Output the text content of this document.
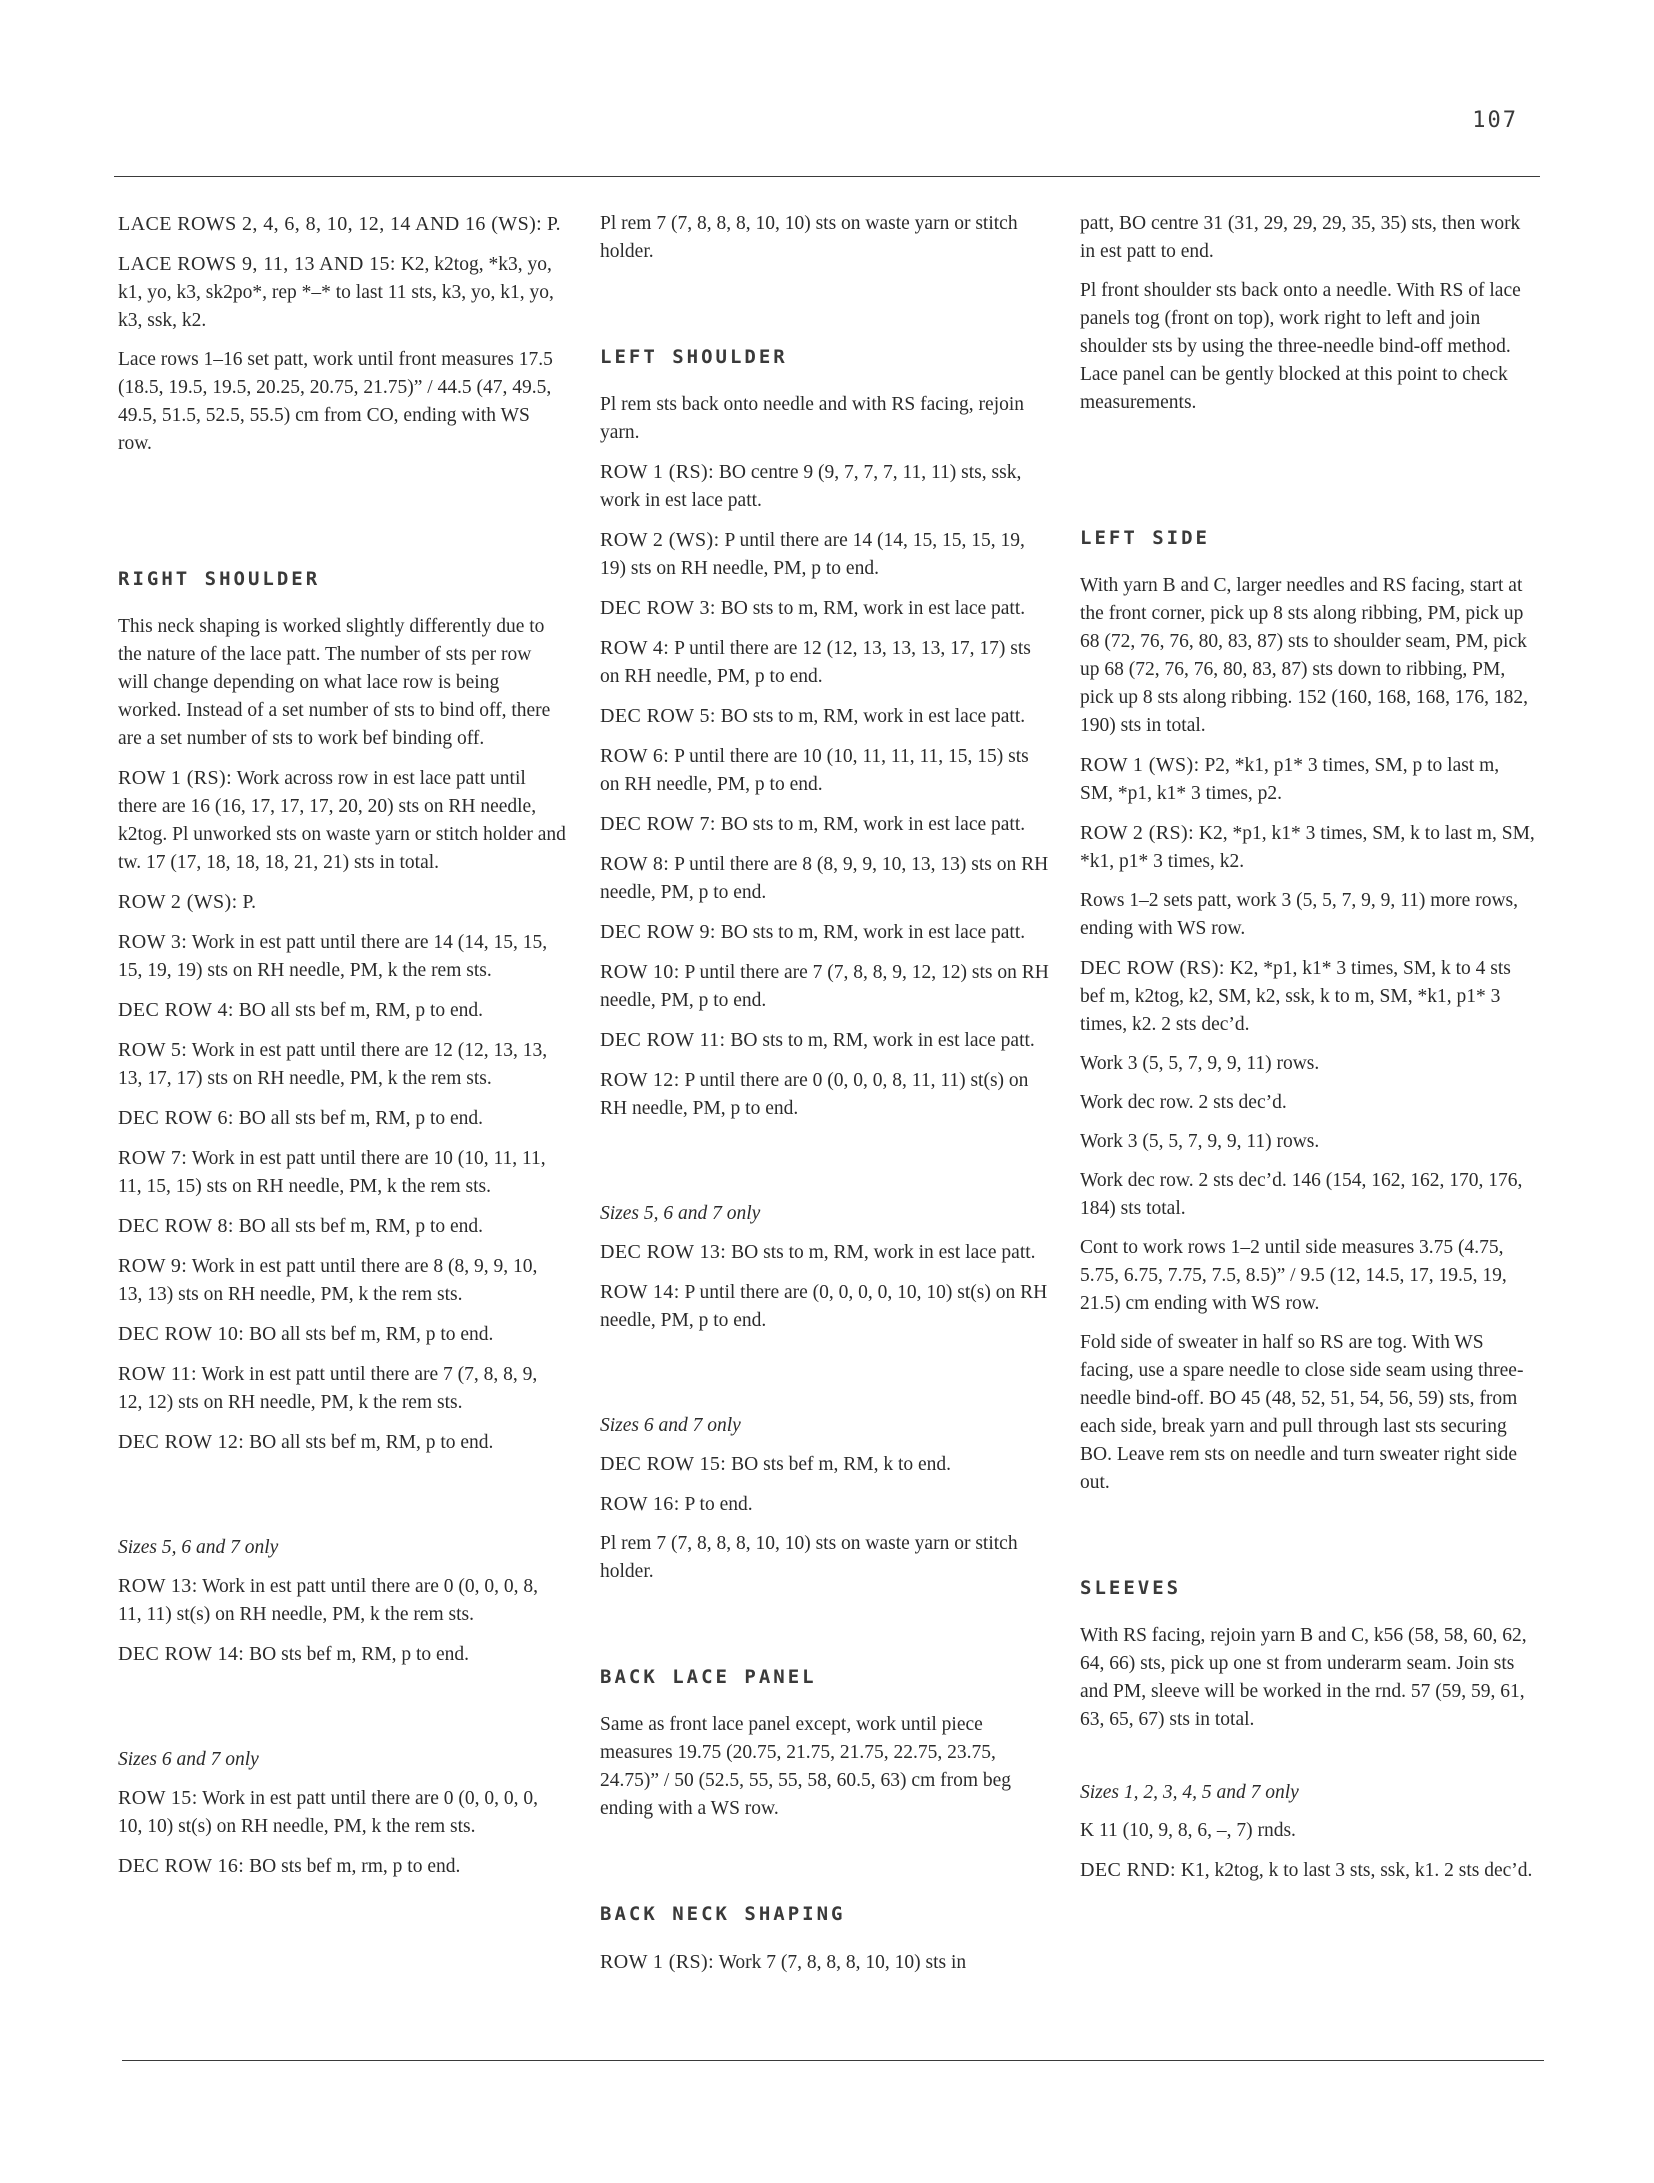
107

LACE ROWS 2, 4, 6, 8, 10, 12, 14 AND 16 (WS): P.

LACE ROWS 9, 11, 13 AND 15: K2, k2tog, *k3, yo, k1, yo, k3, sk2po*, rep *–* to last 11 sts, k3, yo, k1, yo, k3, ssk, k2.

Lace rows 1–16 set patt, work until front measures 17.5 (18.5, 19.5, 19.5, 20.25, 20.75, 21.75)” / 44.5 (47, 49.5, 49.5, 51.5, 52.5, 55.5) cm from CO, ending with WS row.

RIGHT SHOULDER

This neck shaping is worked slightly differently due to the nature of the lace patt. The number of sts per row will change depending on what lace row is being worked. Instead of a set number of sts to bind off, there are a set number of sts to work bef binding off.

ROW 1 (RS): Work across row in est lace patt until there are 16 (16, 17, 17, 17, 20, 20) sts on RH needle, k2tog. Pl unworked sts on waste yarn or stitch holder and tw. 17 (17, 18, 18, 18, 21, 21) sts in total.

ROW 2 (WS): P.

ROW 3: Work in est patt until there are 14 (14, 15, 15, 15, 19, 19) sts on RH needle, PM, k the rem sts.

DEC ROW 4: BO all sts bef m, RM, p to end.

ROW 5: Work in est patt until there are 12 (12, 13, 13, 13, 17, 17) sts on RH needle, PM, k the rem sts.

DEC ROW 6: BO all sts bef m, RM, p to end.

ROW 7: Work in est patt until there are 10 (10, 11, 11, 11, 15, 15) sts on RH needle, PM, k the rem sts.

DEC ROW 8: BO all sts bef m, RM, p to end.

ROW 9: Work in est patt until there are 8 (8, 9, 9, 10, 13, 13) sts on RH needle, PM, k the rem sts.

DEC ROW 10: BO all sts bef m, RM, p to end.

ROW 11: Work in est patt until there are 7 (7, 8, 8, 9, 12, 12) sts on RH needle, PM, k the rem sts.

DEC ROW 12: BO all sts bef m, RM, p to end.

Sizes 5, 6 and 7 only

ROW 13: Work in est patt until there are 0 (0, 0, 0, 8, 11, 11) st(s) on RH needle, PM, k the rem sts.

DEC ROW 14: BO sts bef m, RM, p to end.

Sizes 6 and 7 only

ROW 15: Work in est patt until there are 0 (0, 0, 0, 0, 10, 10) st(s) on RH needle, PM, k the rem sts.

DEC ROW 16: BO sts bef m, rm, p to end.

Pl rem 7 (7, 8, 8, 8, 10, 10) sts on waste yarn or stitch holder.

LEFT SHOULDER

Pl rem sts back onto needle and with RS facing, rejoin yarn.

ROW 1 (RS): BO centre 9 (9, 7, 7, 7, 11, 11) sts, ssk, work in est lace patt.

ROW 2 (WS): P until there are 14 (14, 15, 15, 15, 19, 19) sts on RH needle, PM, p to end.

DEC ROW 3: BO sts to m, RM, work in est lace patt.

ROW 4: P until there are 12 (12, 13, 13, 13, 17, 17) sts on RH needle, PM, p to end.

DEC ROW 5: BO sts to m, RM, work in est lace patt.

ROW 6: P until there are 10 (10, 11, 11, 11, 15, 15) sts on RH needle, PM, p to end.

DEC ROW 7: BO sts to m, RM, work in est lace patt.

ROW 8: P until there are 8 (8, 9, 9, 10, 13, 13) sts on RH needle, PM, p to end.

DEC ROW 9: BO sts to m, RM, work in est lace patt.

ROW 10: P until there are 7 (7, 8, 8, 9, 12, 12) sts on RH needle, PM, p to end.

DEC ROW 11: BO sts to m, RM, work in est lace patt.

ROW 12: P until there are 0 (0, 0, 0, 8, 11, 11) st(s) on RH needle, PM, p to end.

Sizes 5, 6 and 7 only

DEC ROW 13: BO sts to m, RM, work in est lace patt.

ROW 14: P until there are (0, 0, 0, 0, 10, 10) st(s) on RH needle, PM, p to end.

Sizes 6 and 7 only

DEC ROW 15: BO sts bef m, RM, k to end.

ROW 16: P to end.

Pl rem 7 (7, 8, 8, 8, 10, 10) sts on waste yarn or stitch holder.

BACK LACE PANEL

Same as front lace panel except, work until piece measures 19.75 (20.75, 21.75, 21.75, 22.75, 23.75, 24.75)” / 50 (52.5, 55, 55, 58, 60.5, 63) cm from beg ending with a WS row.

BACK NECK SHAPING

ROW 1 (RS): Work 7 (7, 8, 8, 8, 10, 10) sts in

patt, BO centre 31 (31, 29, 29, 29, 35, 35) sts, then work in est patt to end.

Pl front shoulder sts back onto a needle. With RS of lace panels tog (front on top), work right to left and join shoulder sts by using the three-needle bind-off method. Lace panel can be gently blocked at this point to check measurements.

LEFT SIDE

With yarn B and C, larger needles and RS facing, start at the front corner, pick up 8 sts along ribbing, PM, pick up 68 (72, 76, 76, 80, 83, 87) sts to shoulder seam, PM, pick up 68 (72, 76, 76, 80, 83, 87) sts down to ribbing, PM, pick up 8 sts along ribbing. 152 (160, 168, 168, 176, 182, 190) sts in total.

ROW 1 (WS): P2, *k1, p1* 3 times, SM, p to last m, SM, *p1, k1* 3 times, p2.

ROW 2 (RS): K2, *p1, k1* 3 times, SM, k to last m, SM, *k1, p1* 3 times, k2.

Rows 1–2 sets patt, work 3 (5, 5, 7, 9, 9, 11) more rows, ending with WS row.

DEC ROW (RS): K2, *p1, k1* 3 times, SM, k to 4 sts bef m, k2tog, k2, SM, k2, ssk, k to m, SM, *k1, p1* 3 times, k2. 2 sts dec’d.

Work 3 (5, 5, 7, 9, 9, 11) rows.

Work dec row. 2 sts dec’d.

Work 3 (5, 5, 7, 9, 9, 11) rows.

Work dec row. 2 sts dec’d. 146 (154, 162, 162, 170, 176, 184) sts total.

Cont to work rows 1–2 until side measures 3.75 (4.75, 5.75, 6.75, 7.75, 7.5, 8.5)” / 9.5 (12, 14.5, 17, 19.5, 19, 21.5) cm ending with WS row.

Fold side of sweater in half so RS are tog. With WS facing, use a spare needle to close side seam using three-needle bind-off. BO 45 (48, 52, 51, 54, 56, 59) sts, from each side, break yarn and pull through last sts securing BO. Leave rem sts on needle and turn sweater right side out.

SLEEVES

With RS facing, rejoin yarn B and C, k56 (58, 58, 60, 62, 64, 66) sts, pick up one st from underarm seam. Join sts and PM, sleeve will be worked in the rnd. 57 (59, 59, 61, 63, 65, 67) sts in total.

Sizes 1, 2, 3, 4, 5 and 7 only

K 11 (10, 9, 8, 6, –, 7) rnds.

DEC RND: K1, k2tog, k to last 3 sts, ssk, k1. 2 sts dec’d.
